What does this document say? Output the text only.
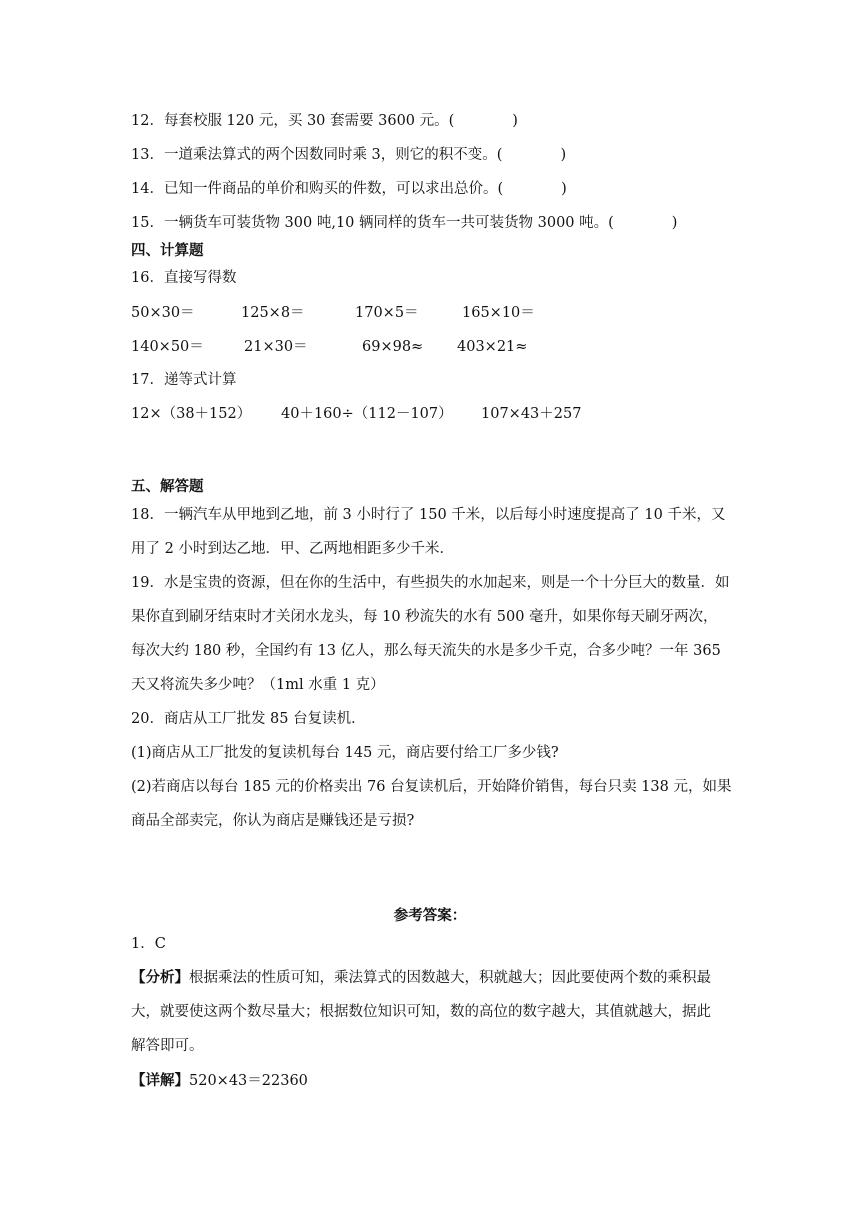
12．每套校服 120 元，买 30 套需要 3600 元。(　　　　)
13．一道乘法算式的两个因数同时乘 3，则它的积不变。(　　　　)
14．已知一件商品的单价和购买的件数，可以求出总价。(　　　　)
15．一辆货车可装货物 300 吨,10 辆同样的货车一共可装货物 3000 吨。(　　　　)
四、计算题
16．直接写得数
50×30＝	125×8＝	170×5＝	165×10＝
140×50＝	21×30＝	69×98≈ 403×21≈
17．递等式计算
12×（38＋152） 40＋160÷（112－107） 107×43＋257
五、解答题
18．一辆汽车从甲地到乙地，前 3 小时行了 150 千米，以后每小时速度提高了 10 千米，又
用了 2 小时到达乙地．甲、乙两地相距多少千米．
19．水是宝贵的资源，但在你的生活中，有些损失的水加起来，则是一个十分巨大的数量．如
果你直到刷牙结束时才关闭水龙头，每 10 秒流失的水有 500 毫升，如果你每天刷牙两次，
每次大约 180 秒，全国约有 13 亿人，那么每天流失的水是多少千克，合多少吨？一年 365
天又将流失多少吨？（1ml 水重 1 克）
20．商店从工厂批发 85 台复读机．
(1)商店从工厂批发的复读机每台 145 元，商店要付给工厂多少钱?
(2)若商店以每台 185 元的价格卖出 76 台复读机后，开始降价销售，每台只卖 138 元，如果
商品全部卖完，你认为商店是赚钱还是亏损?
参考答案：
1．C
【分析】根据乘法的性质可知，乘法算式的因数越大，积就越大；因此要使两个数的乘积最
大，就要使这两个数尽量大；根据数位知识可知，数的高位的数字越大，其值就越大，据此
解答即可。
【详解】520×43＝22360
